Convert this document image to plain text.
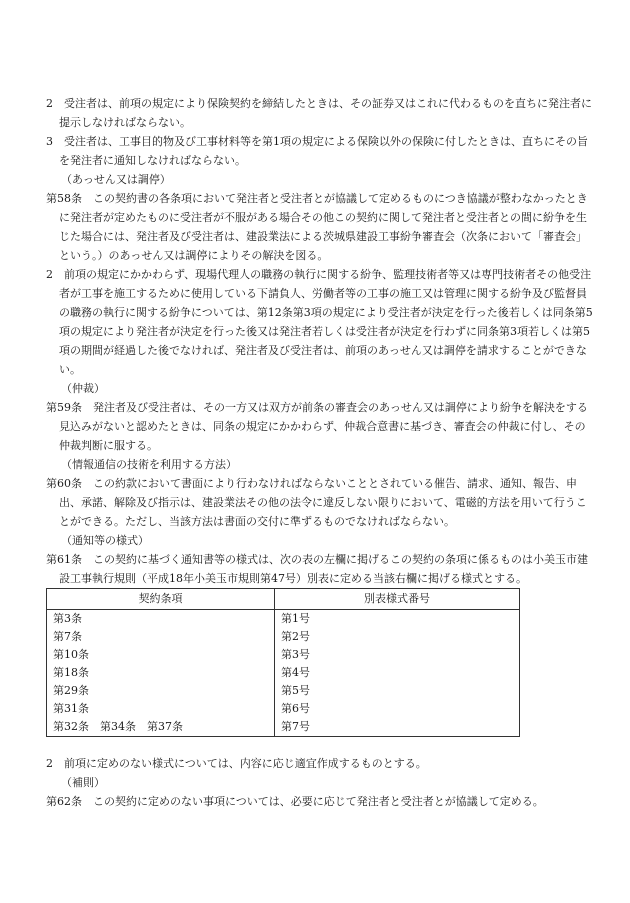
2　受注者は、前項の規定により保険契約を締結したときは、その証券又はこれに代わるものを直ちに発注者に提示しなければならない。

3　受注者は、工事目的物及び工事材料等を第1項の規定による保険以外の保険に付したときは、直ちにその旨を発注者に通知しなければならない。

（あっせん又は調停）

第58条　この契約書の各条項において発注者と受注者とが協議して定めるものにつき協議が整わなかったときに発注者が定めたものに受注者が不服がある場合その他この契約に関して発注者と受注者との間に紛争を生じた場合には、発注者及び受注者は、建設業法による茨城県建設工事紛争審査会（次条において「審査会」という。）のあっせん又は調停によりその解決を図る。

2　前項の規定にかかわらず、現場代理人の職務の執行に関する紛争、監理技術者等又は専門技術者その他受注者が工事を施工するために使用している下請負人、労働者等の工事の施工又は管理に関する紛争及び監督員の職務の執行に関する紛争については、第12条第3項の規定により受注者が決定を行った後若しくは同条第5項の規定により発注者が決定を行った後又は発注者若しくは受注者が決定を行わずに同条第3項若しくは第5項の期間が経過した後でなければ、発注者及び受注者は、前項のあっせん又は調停を請求することができない。

（仲裁）

第59条　発注者及び受注者は、その一方又は双方が前条の審査会のあっせん又は調停により紛争を解決をする見込みがないと認めたときは、同条の規定にかかわらず、仲裁合意書に基づき、審査会の仲裁に付し、その仲裁判断に服する。

（情報通信の技術を利用する方法）

第60条　この約款において書面により行わなければならないこととされている催告、請求、通知、報告、申出、承諾、解除及び指示は、建設業法その他の法令に違反しない限りにおいて、電磁的方法を用いて行うことができる。ただし、当該方法は書面の交付に準ずるものでなければならない。

（通知等の様式）

第61条　この契約に基づく通知書等の様式は、次の表の左欄に掲げるこの契約の条項に係るものは小美玉市建設工事執行規則（平成18年小美玉市規則第47号）別表に定める当該右欄に掲げる様式とする。

契約条項	別表様式番号
第3条	第1号
第7条	第2号
第10条	第3号
第18条	第4号
第29条	第5号
第31条	第6号
第32条　第34条　第37条	第7号

2　前項に定めのない様式については、内容に応じ適宜作成するものとする。

（補則）

第62条　この契約に定めのない事項については、必要に応じて発注者と受注者とが協議して定める。
